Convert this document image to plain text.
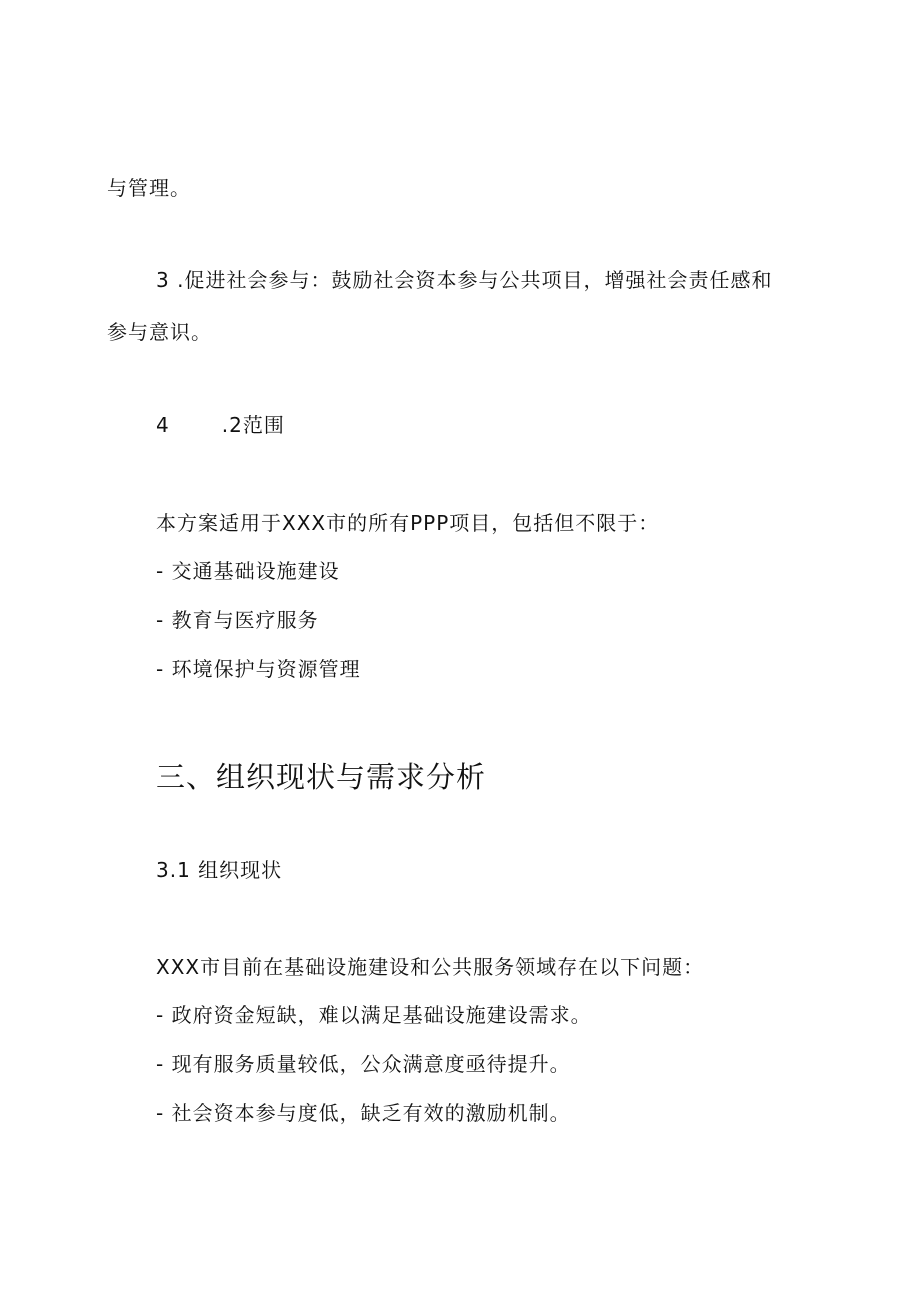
与管理。
3 .促进社会参与：鼓励社会资本参与公共项目，增强社会责任感和
参与意识。
4	.2范围
本方案适用于XXX市的所有PPP项目，包括但不限于：
- 交通基础设施建设
- 教育与医疗服务
- 环境保护与资源管理
三、组织现状与需求分析
3.1 组织现状
XXX市目前在基础设施建设和公共服务领域存在以下问题：
- 政府资金短缺，难以满足基础设施建设需求。
- 现有服务质量较低，公众满意度亟待提升。
- 社会资本参与度低，缺乏有效的激励机制。
